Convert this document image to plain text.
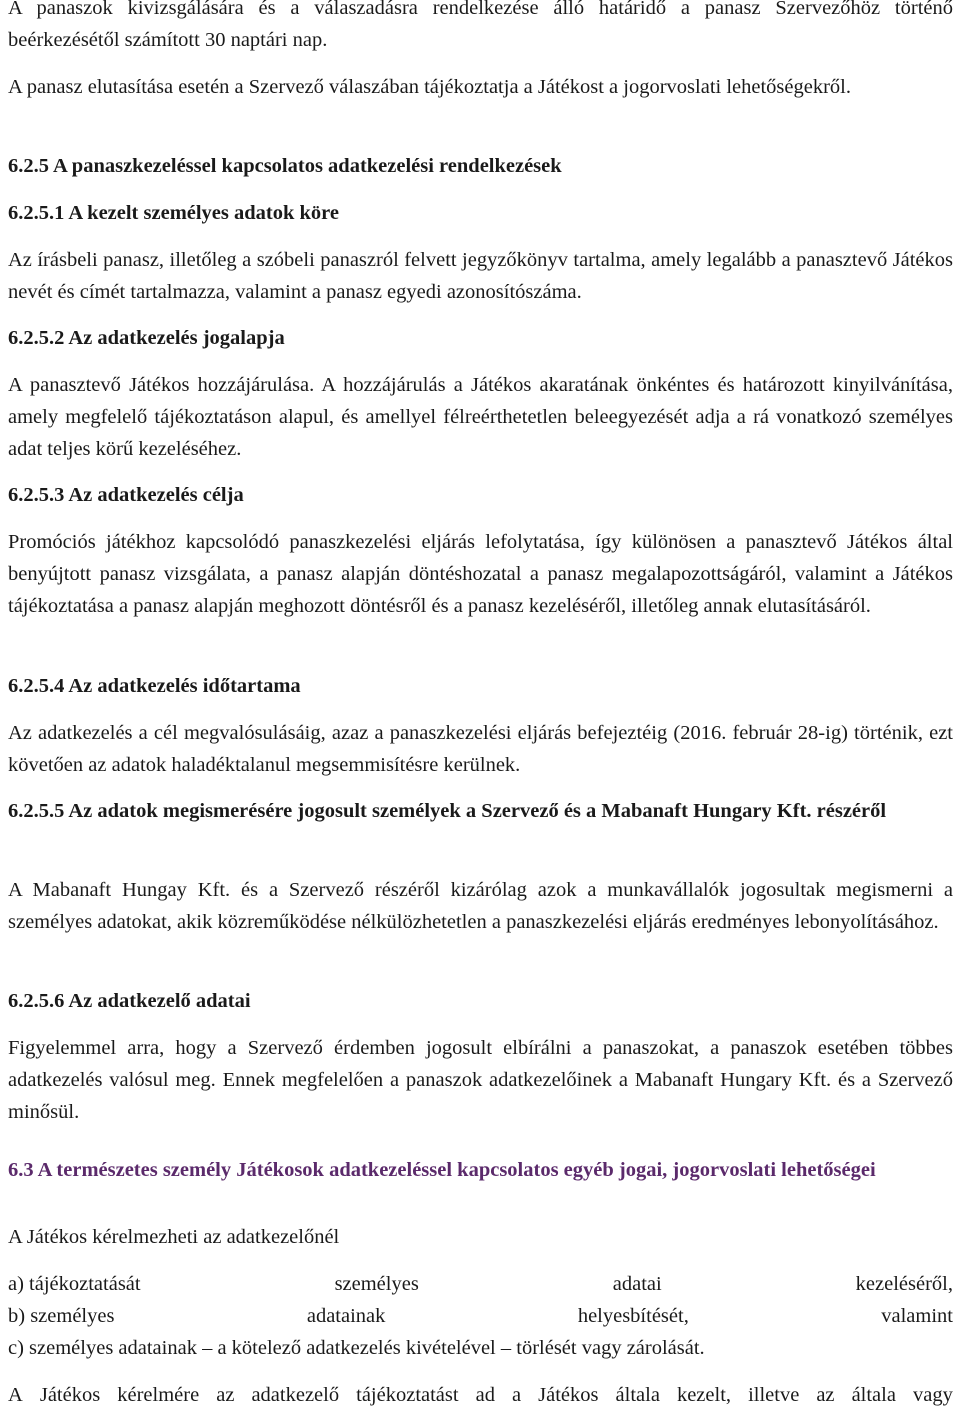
A panaszok kivizsgálására és a válaszadásra rendelkezése álló határidő a panasz Szervezőhöz történő beérkezésétől számított 30 naptári nap.

A panasz elutasítása esetén a Szervező válaszában tájékoztatja a Játékost a jogorvoslati lehetőségekről.

6.2.5 A panaszkezeléssel kapcsolatos adatkezelési rendelkezések

6.2.5.1 A kezelt személyes adatok köre

Az írásbeli panasz, illetőleg a szóbeli panaszról felvett jegyzőkönyv tartalma, amely legalább a panasztevő Játékos nevét és címét tartalmazza, valamint a panasz egyedi azonosítószáma.

6.2.5.2 Az adatkezelés jogalapja

A panasztevő Játékos hozzájárulása. A hozzájárulás a Játékos akaratának önkéntes és határozott kinyilvánítása, amely megfelelő tájékoztatáson alapul, és amellyel félreérthetetlen beleegyezését adja a rá vonatkozó személyes adat teljes körű kezeléséhez.

6.2.5.3 Az adatkezelés célja

Promóciós játékhoz kapcsolódó panaszkezelési eljárás lefolytatása, így különösen a panasztevő Játékos által benyújtott panasz vizsgálata, a panasz alapján döntéshozatal a panasz megalapozottságáról, valamint a Játékos tájékoztatása a panasz alapján meghozott döntésről és a panasz kezeléséről, illetőleg annak elutasításáról.

6.2.5.4 Az adatkezelés időtartama

Az adatkezelés a cél megvalósulásáig, azaz a panaszkezelési eljárás befejeztéig (2016. február 28-ig) történik, ezt követően az adatok haladéktalanul megsemmisítésre kerülnek.

6.2.5.5 Az adatok megismerésére jogosult személyek a Szervező és a Mabanaft Hungary Kft. részéről

A Mabanaft Hungay Kft. és a Szervező részéről kizárólag azok a munkavállalók jogosultak megismerni a személyes adatokat, akik közreműködése nélkülözhetetlen a panaszkezelési eljárás eredményes lebonyolításához.

6.2.5.6 Az adatkezelő adatai

Figyelemmel arra, hogy a Szervező érdemben jogosult elbírálni a panaszokat, a panaszok esetében többes adatkezelés valósul meg. Ennek megfelelően a panaszok adatkezelőinek a Mabanaft Hungary Kft. és a Szervező minősül.

6.3 A természetes személy Játékosok adatkezeléssel kapcsolatos egyéb jogai, jogorvoslati lehetőségei

A Játékos kérelmezheti az adatkezelőnél

a) tájékoztatását	személyes	adatai	kezeléséről,
b) személyes	adatainak	helyesbítését,	valamint

c) személyes adatainak – a kötelező adatkezelés kivételével – törlését vagy zárolását.

A Játékos kérelmére az adatkezelő tájékoztatást ad a Játékos általa kezelt, illetve az általa vagy
